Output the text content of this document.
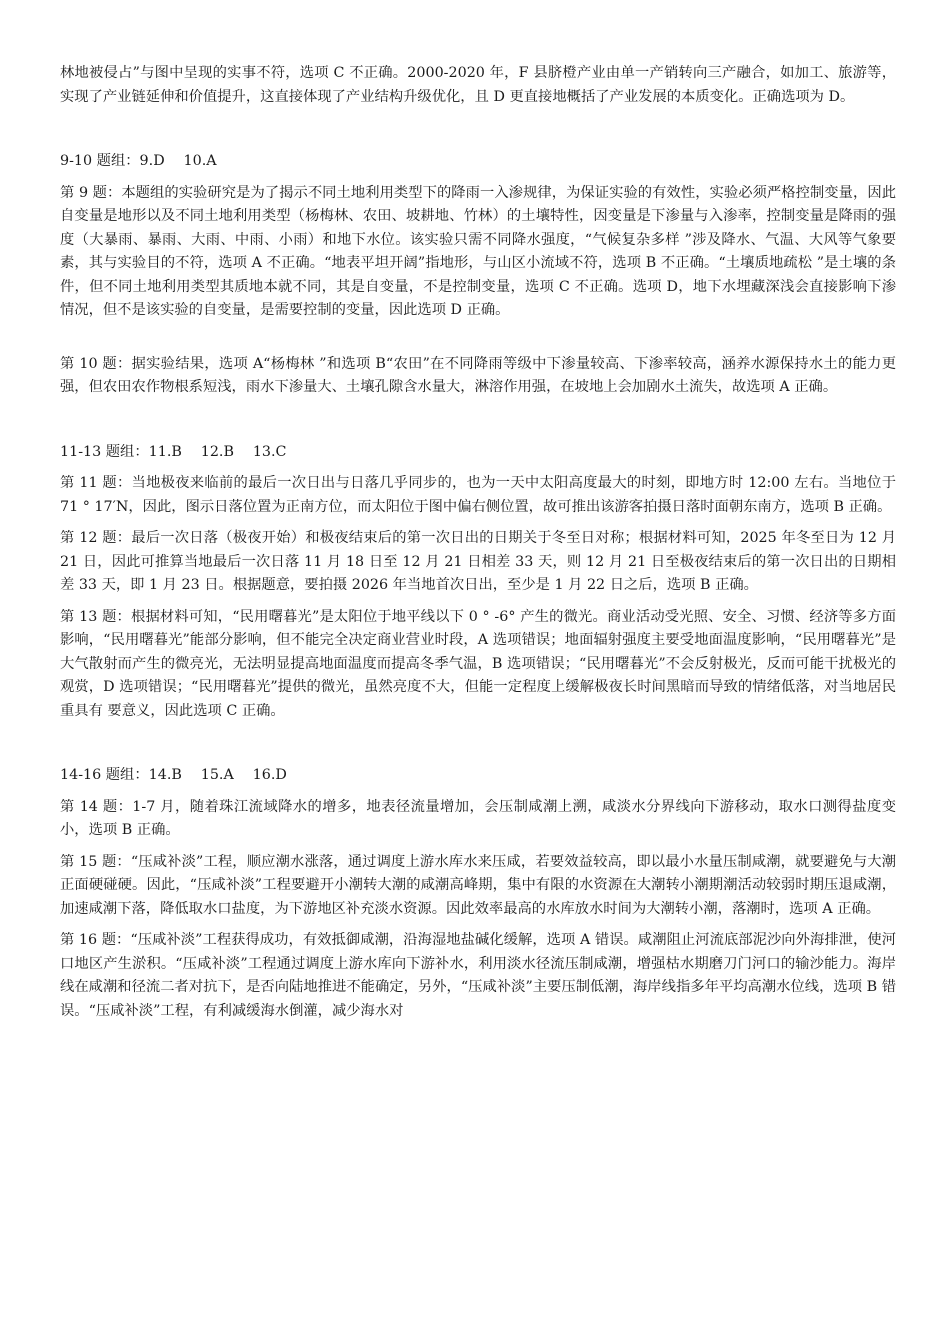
林地被侵占”与图中呈现的实事不符，选项 C 不正确。2000-2020 年，F 县脐橙产业由单一产销转向三产融合，如加工、旅游等，实现了产业链延伸和价值提升，这直接体现了产业结构升级优化，且 D 更直接地概括了产业发展的本质变化。正确选项为 D。

9-10 题组：9.D　 10.A

第 9 题：本题组的实验研究是为了揭示不同土地利用类型下的降雨一入渗规律，为保证实验的有效性，实验必须严格控制变量，因此自变量是地形以及不同土地利用类型（杨梅林、农田、坡耕地、竹林）的土壤特性，因变量是下渗量与入渗率，控制变量是降雨的强度（大暴雨、暴雨、大雨、中雨、小雨）和地下水位。该实验只需不同降水强度，“气候复杂多样 ”涉及降水、气温、大风等气象要素，其与实验目的不符，选项 A 不正确。“地表平坦开阔”指地形，与山区小流域不符，选项 B 不正确。“土壤质地疏松 ”是土壤的条件，但不同土地利用类型其质地本就不同，其是自变量，不是控制变量，选项 C 不正确。选项 D，地下水埋藏深浅会直接影响下渗情况，但不是该实验的自变量，是需要控制的变量，因此选项 D 正确。

第 10 题：据实验结果，选项 A“杨梅林 ”和选项 B“农田”在不同降雨等级中下渗量较高、下渗率较高，涵养水源保持水土的能力更强，但农田农作物根系短浅，雨水下渗量大、土壤孔隙含水量大，淋溶作用强，在坡地上会加剧水土流失，故选项 A 正确。

11-13 题组：11.B　 12.B　 13.C

第 11 题：当地极夜来临前的最后一次日出与日落几乎同步的，也为一天中太阳高度最大的时刻，即地方时 12:00 左右。当地位于 71 ° 17′N，因此，图示日落位置为正南方位，而太阳位于图中偏右侧位置，故可推出该游客拍摄日落时面朝东南方，选项 B 正确。

第 12 题：最后一次日落（极夜开始）和极夜结束后的第一次日出的日期关于冬至日对称；根据材料可知，2025 年冬至日为 12 月 21 日，因此可推算当地最后一次日落 11 月 18 日至 12 月 21 日相差 33 天，则 12 月 21 日至极夜结束后的第一次日出的日期相差 33 天，即 1 月 23 日。根据题意，要拍摄 2026 年当地首次日出，至少是 1 月 22 日之后，选项 B 正确。

第 13 题：根据材料可知，“民用曙暮光”是太阳位于地平线以下 0 ° -6° 产生的微光。商业活动受光照、安全、习惯、经济等多方面影响，“民用曙暮光”能部分影响，但不能完全决定商业营业时段，A 选项错误；地面辐射强度主要受地面温度影响，“民用曙暮光”是大气散射而产生的微亮光，无法明显提高地面温度而提高冬季气温，B 选项错误；“民用曙暮光”不会反射极光，反而可能干扰极光的观赏，D 选项错误；“民用曙暮光”提供的微光，虽然亮度不大，但能一定程度上缓解极夜长时间黑暗而导致的情绪低落，对当地居民重具有 要意义，因此选项 C 正确。

14-16 题组：14.B　 15.A　 16.D

第 14 题：1-7 月，随着珠江流域降水的增多，地表径流量增加，会压制咸潮上溯，咸淡水分界线向下游移动，取水口测得盐度变小，选项 B 正确。

第 15 题：“压咸补淡”工程，顺应潮水涨落，通过调度上游水库水来压咸，若要效益较高，即以最小水量压制咸潮，就要避免与大潮正面硬碰硬。因此，“压咸补淡”工程要避开小潮转大潮的咸潮高峰期，集中有限的水资源在大潮转小潮期潮活动较弱时期压退咸潮，加速咸潮下落，降低取水口盐度，为下游地区补充淡水资源。因此效率最高的水库放水时间为大潮转小潮，落潮时，选项 A 正确。

第 16 题：“压咸补淡”工程获得成功，有效抵御咸潮，沿海湿地盐碱化缓解，选项 A 错误。咸潮阻止河流底部泥沙向外海排泄，使河口地区产生淤积。“压咸补淡”工程通过调度上游水库向下游补水，利用淡水径流压制咸潮，增强枯水期磨刀门河口的输沙能力。海岸线在咸潮和径流二者对抗下，是否向陆地推进不能确定，另外，“压咸补淡”主要压制低潮，海岸线指多年平均高潮水位线，选项 B 错误。“压咸补淡”工程，有利减缓海水倒灌，减少海水对
